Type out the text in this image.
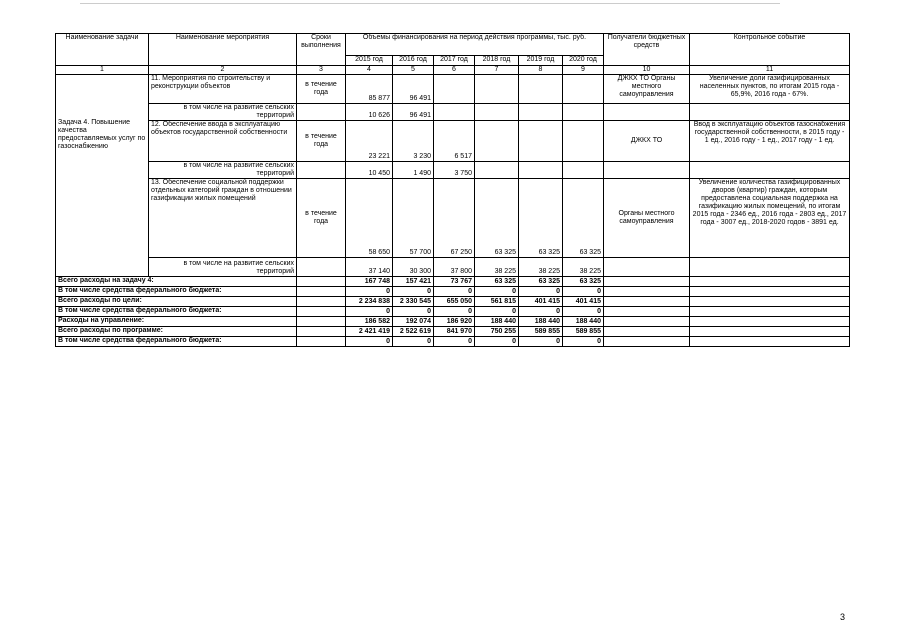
Наименование задачи	Наименование мероприятия	Сроки выполнения	Объемы финансирования на период действия программы, тыс. руб.						Получатели бюджетных средств	Контрольное событие
			2015 год	2016 год	2017 год	2018 год	2019 год	2020 год		
1	2	3	4	5	6	7	8	9	10	11
Задача 4. Повышение качества предоставляемых услуг по газоснабжению	11. Мероприятия по строительству и реконструкции объектов	в течение года	85 877	96 491					ДЖКХ ТО Органы местного самоуправления	Увеличение доли газифицированных населенных пунктов, по итогам 2015 года - 65,9%, 2016 года - 67%.
	в том числе на развитие сельских территорий		10 626	96 491						
	12. Обеспечение ввода в эксплуатацию объектов государственной собственности	в течение года	23 221	3 230	6 517				ДЖКХ ТО	Ввод в эксплуатацию объектов газоснабжения государственной собственности, в 2015 году - 1 ед., 2016 году - 1 ед., 2017 году - 1 ед.
	в том числе на развитие сельских территорий		10 450	1 490	3 750					
	13. Обеспечение социальной поддержки отдельных категорий граждан в отношении газификации жилых помещений	в течение года	58 650	57 700	67 250	63 325	63 325	63 325	Органы местного самоуправления	Увеличение количества газифицированных дворов (квартир) граждан, которым предоставлена социальная поддержка на газификацию жилых помещений, по итогам 2015 года - 2346 ед., 2016 года - 2803 ед., 2017 года - 3007 ед., 2018-2020 годов - 3891 ед.
	в том числе на развитие сельских территорий		37 140	30 300	37 800	38 225	38 225	38 225		
Всего расходы на задачу 4:			167 748	157 421	73 767	63 325	63 325	63 325		
В том числе средства федерального бюджета:			0	0	0	0	0	0		
Всего расходы по цели:			2 234 838	2 330 545	655 050	561 815	401 415	401 415		
В том числе средства федерального бюджета:			0	0	0	0	0	0		
Расходы на управление:			186 582	192 074	186 920	188 440	188 440	188 440		
Всего расходы по программе:			2 421 419	2 522 619	841 970	750 255	589 855	589 855		
В том числе средства федерального бюджета:			0	0	0	0	0	0		
3
